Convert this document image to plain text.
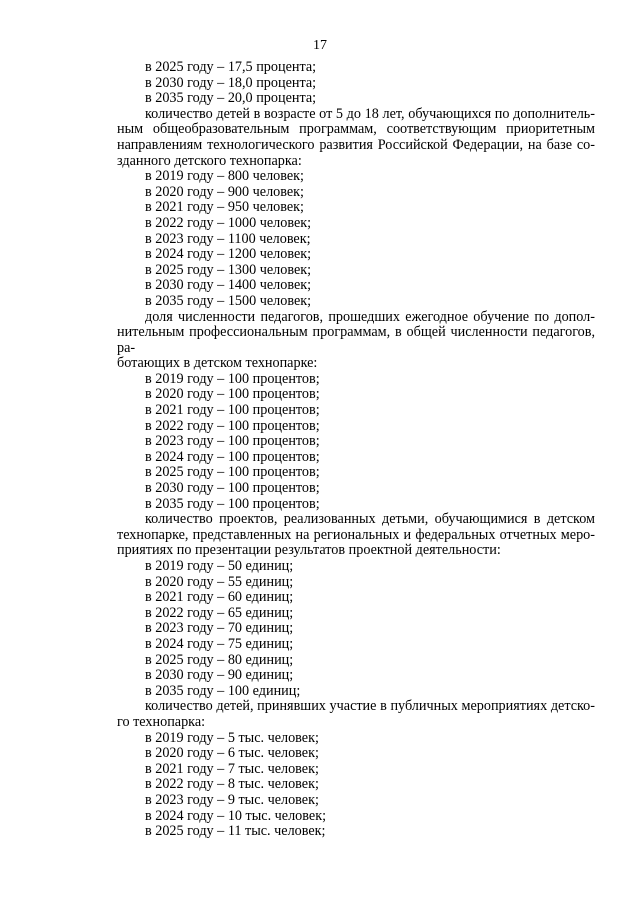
17
в 2025 году – 17,5 процента;
в 2030 году – 18,0 процента;
в 2035 году – 20,0 процента;
количество детей в возрасте от 5 до 18 лет, обучающихся по дополнитель-
ным общеобразовательным программам, соответствующим приоритетным
направлениям технологического развития Российской Федерации, на базе со-
зданного детского технопарка:
в 2019 году – 800 человек;
в 2020 году – 900 человек;
в 2021 году – 950 человек;
в 2022 году – 1000 человек;
в 2023 году – 1100 человек;
в 2024 году – 1200 человек;
в 2025 году – 1300 человек;
в 2030 году – 1400 человек;
в 2035 году – 1500 человек;
доля численности педагогов, прошедших ежегодное обучение по допол-
нительным профессиональным программам, в общей численности педагогов, ра-
ботающих в детском технопарке:
в 2019 году – 100 процентов;
в 2020 году – 100 процентов;
в 2021 году – 100 процентов;
в 2022 году – 100 процентов;
в 2023 году – 100 процентов;
в 2024 году – 100 процентов;
в 2025 году – 100 процентов;
в 2030 году – 100 процентов;
в 2035 году – 100 процентов;
количество проектов, реализованных детьми, обучающимися в детском
технопарке, представленных на региональных и федеральных отчетных меро-
приятиях по презентации результатов проектной деятельности:
в 2019 году – 50 единиц;
в 2020 году – 55 единиц;
в 2021 году – 60 единиц;
в 2022 году – 65 единиц;
в 2023 году – 70 единиц;
в 2024 году – 75 единиц;
в 2025 году – 80 единиц;
в 2030 году – 90 единиц;
в 2035 году – 100 единиц;
количество детей, принявших участие в публичных мероприятиях детско-
го технопарка:
в 2019 году – 5 тыс. человек;
в 2020 году – 6 тыс. человек;
в 2021 году – 7 тыс. человек;
в 2022 году – 8 тыс. человек;
в 2023 году – 9 тыс. человек;
в 2024 году – 10 тыс. человек;
в 2025 году – 11 тыс. человек;
